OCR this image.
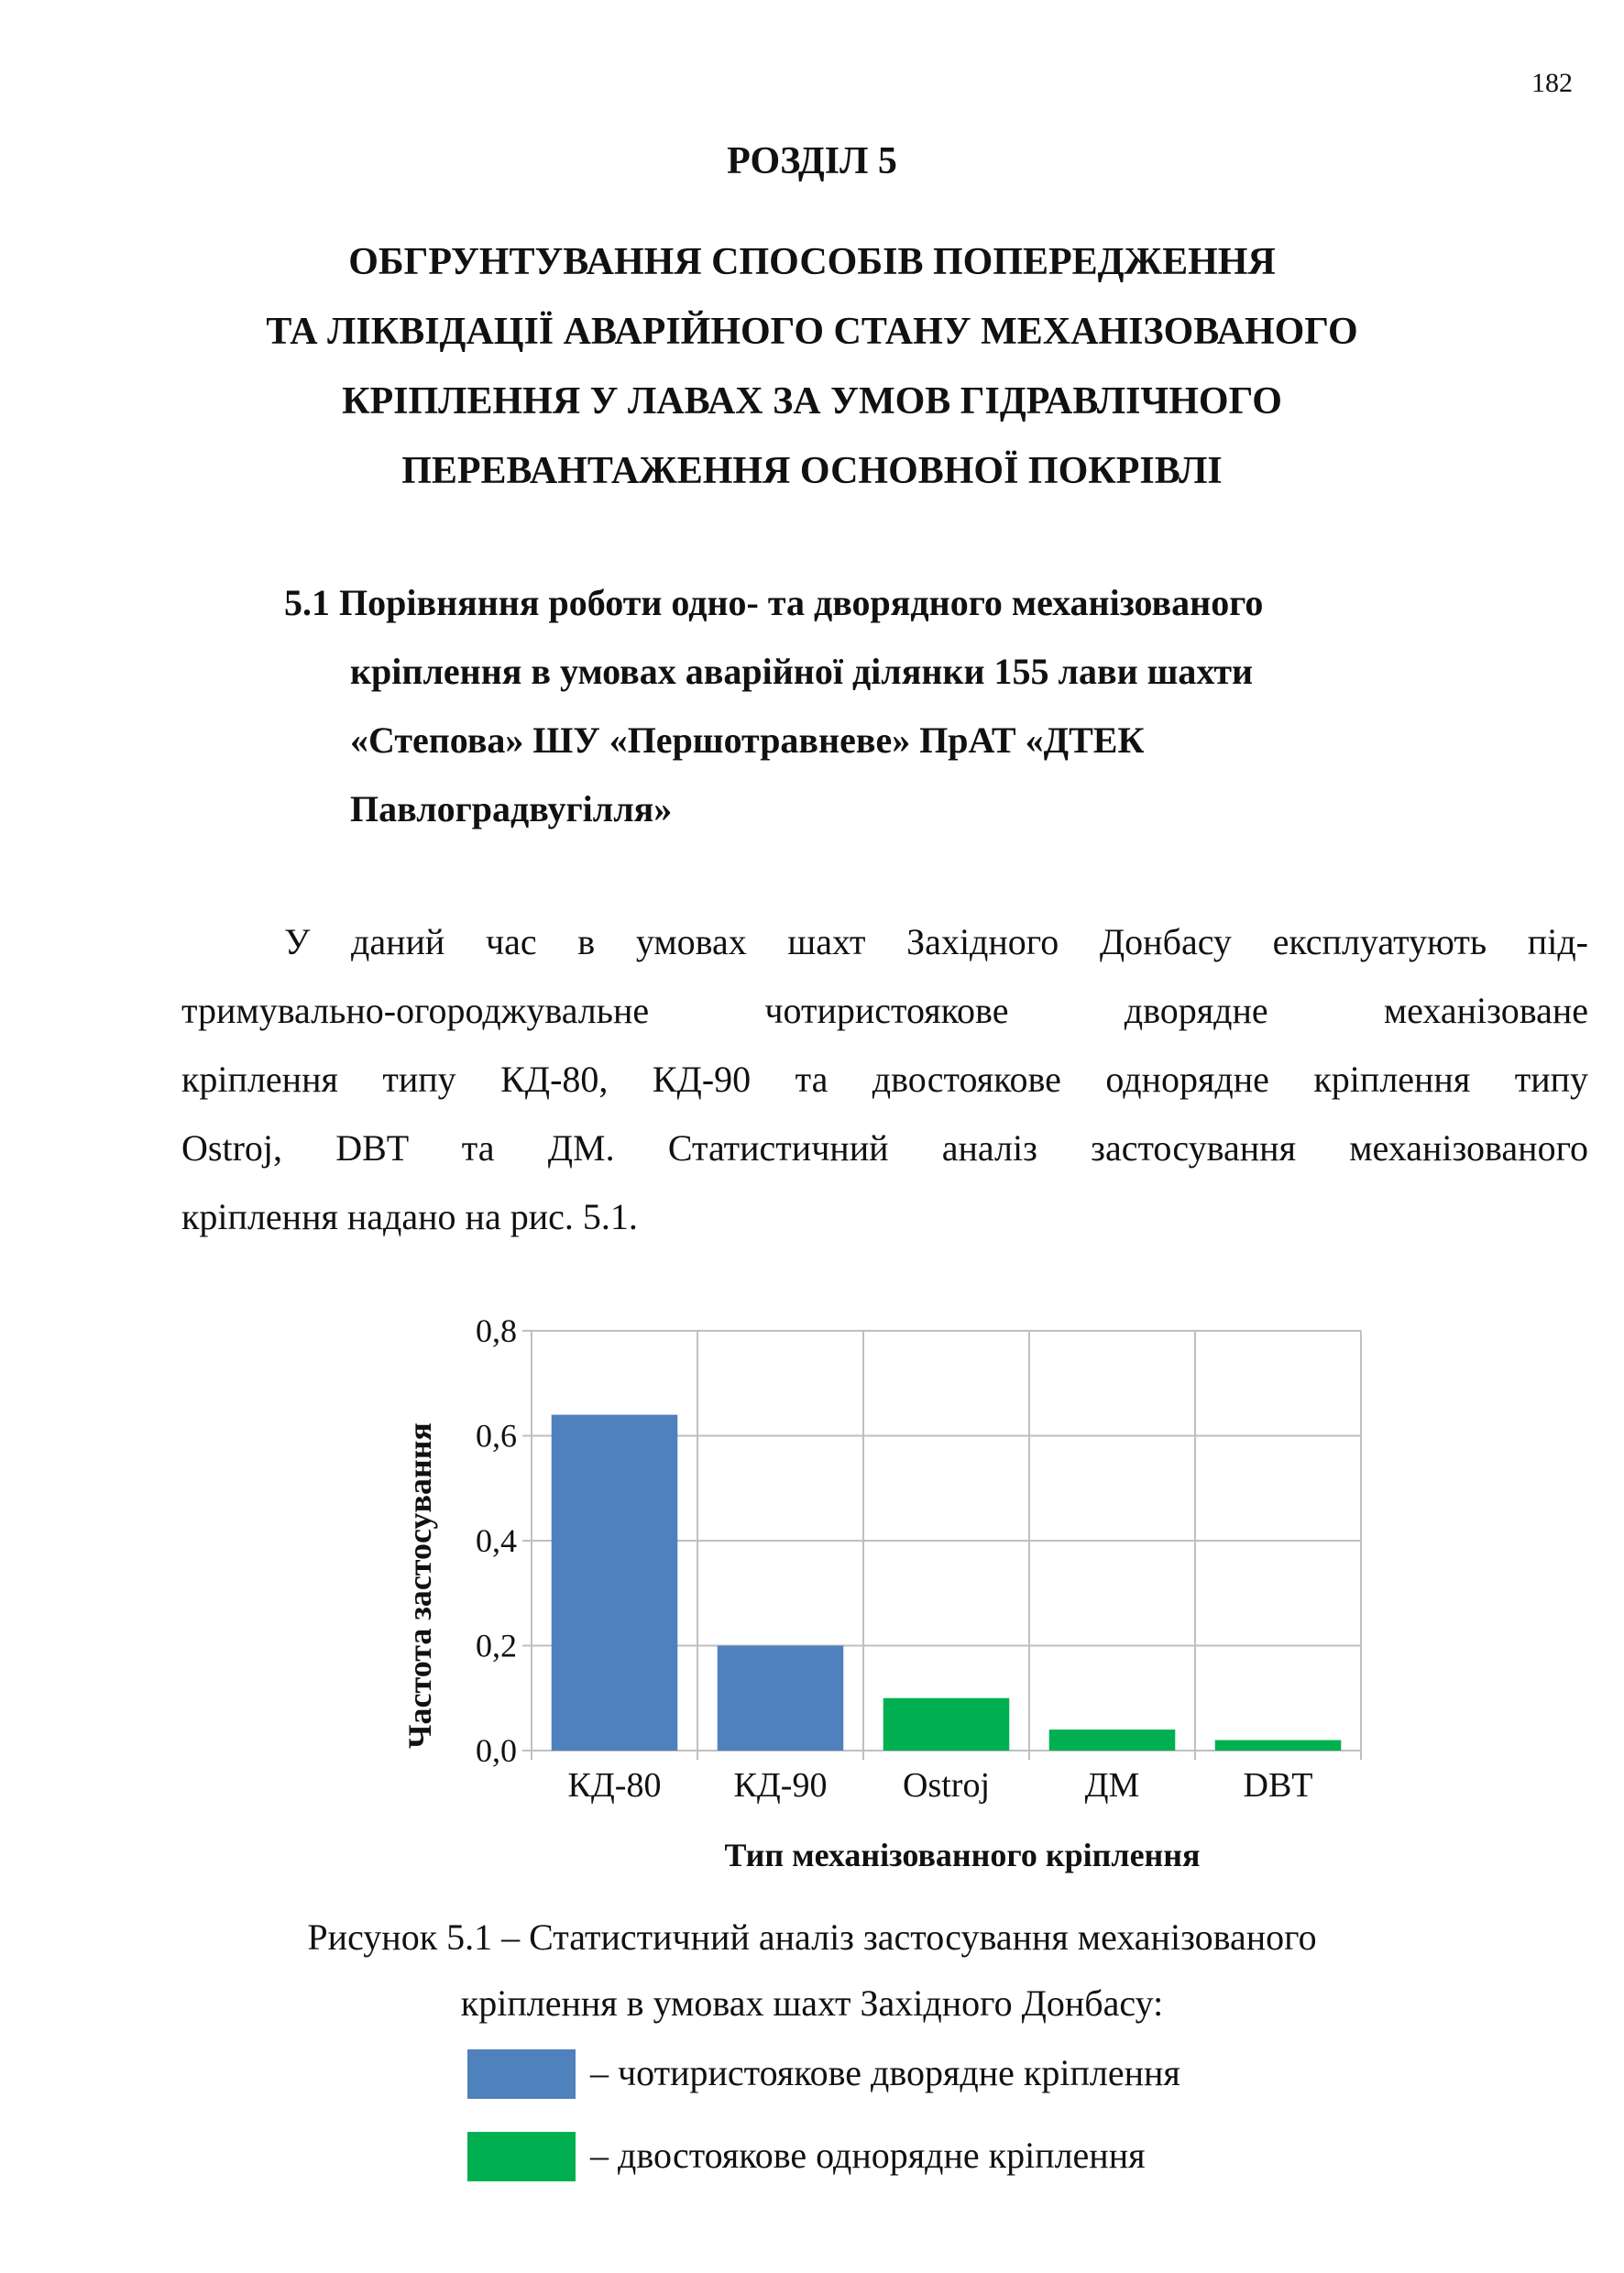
182
РОЗДІЛ 5
ОБГРУНТУВАННЯ СПОСОБІВ ПОПЕРЕДЖЕННЯ
ТА ЛІКВІДАЦІЇ АВАРІЙНОГО СТАНУ МЕХАНІЗОВАНОГО
КРІПЛЕННЯ У ЛАВАХ ЗА УМОВ ГІДРАВЛІЧНОГО
ПЕРЕВАНТАЖЕННЯ ОСНОВНОЇ ПОКРІВЛІ
5.1 Порівняння роботи одно- та дворядного механізованого
кріплення в умовах аварійної ділянки 155 лави шахти
«Степова» ШУ «Першотравневе» ПрАТ «ДТЕК
Павлоградвугілля»
У даний час в умовах шахт Західного Донбасу експлуатують під-
тримувально-огороджувальне чотиристоякове дворядне механізоване
кріплення типу КД-80, КД-90 та двостоякове однорядне кріплення типу
Ostroj, DBT та ДМ. Статистичний аналіз застосування механізованого
кріплення надано на рис. 5.1.
0,0
0,2
0,4
0,6
0,8
КД-80 КД-90 Ostroj	ДМ	DBT
Частота застосування
Тип механізованного кріплення
Рисунок 5.1 – Статистичний аналіз застосування механізованого
кріплення в умовах шахт Західного Донбасу:
– чотиристоякове дворядне кріплення
– двостоякове однорядне кріплення
